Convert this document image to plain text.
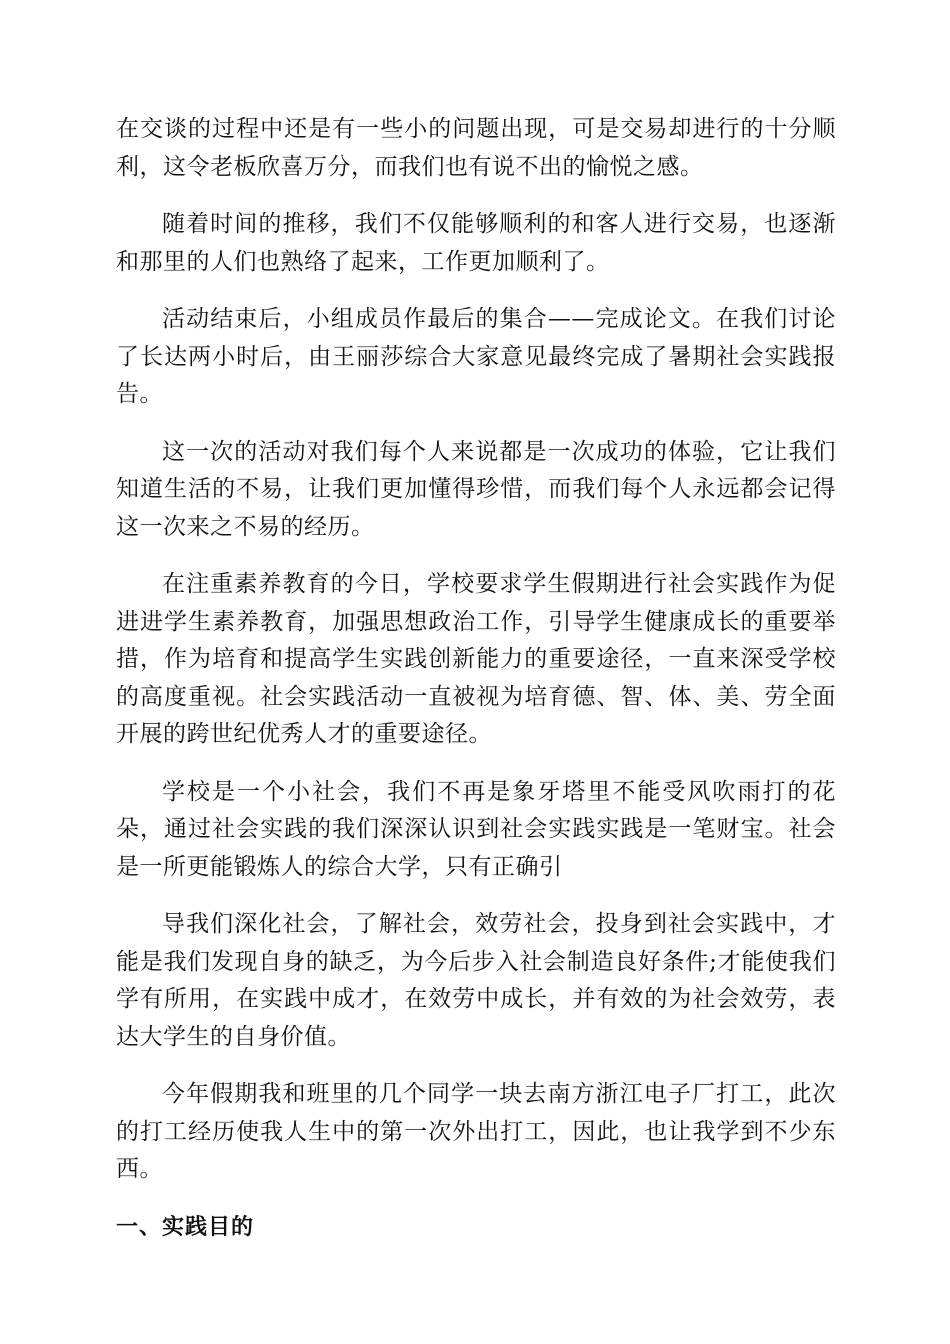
在交谈的过程中还是有一些小的问题出现，可是交易却进行的十分顺利，这令老板欣喜万分，而我们也有说不出的愉悦之感。

随着时间的推移，我们不仅能够顺利的和客人进行交易，也逐渐和那里的人们也熟络了起来，工作更加顺利了。

活动结束后，小组成员作最后的集合——完成论文。在我们讨论了长达两小时后，由王丽莎综合大家意见最终完成了暑期社会实践报告。

这一次的活动对我们每个人来说都是一次成功的体验，它让我们知道生活的不易，让我们更加懂得珍惜，而我们每个人永远都会记得这一次来之不易的经历。

在注重素养教育的今日，学校要求学生假期进行社会实践作为促进进学生素养教育，加强思想政治工作，引导学生健康成长的重要举措，作为培育和提高学生实践创新能力的重要途径，一直来深受学校的高度重视。社会实践活动一直被视为培育德、智、体、美、劳全面开展的跨世纪优秀人才的重要途径。

学校是一个小社会，我们不再是象牙塔里不能受风吹雨打的花朵，通过社会实践的我们深深认识到社会实践实践是一笔财宝。社会是一所更能锻炼人的综合大学，只有正确引

导我们深化社会，了解社会，效劳社会，投身到社会实践中，才能是我们发现自身的缺乏，为今后步入社会制造良好条件;才能使我们学有所用，在实践中成才，在效劳中成长，并有效的为社会效劳，表达大学生的自身价值。

今年假期我和班里的几个同学一块去南方浙江电子厂打工，此次的打工经历使我人生中的第一次外出打工，因此，也让我学到不少东西。

一、实践目的
